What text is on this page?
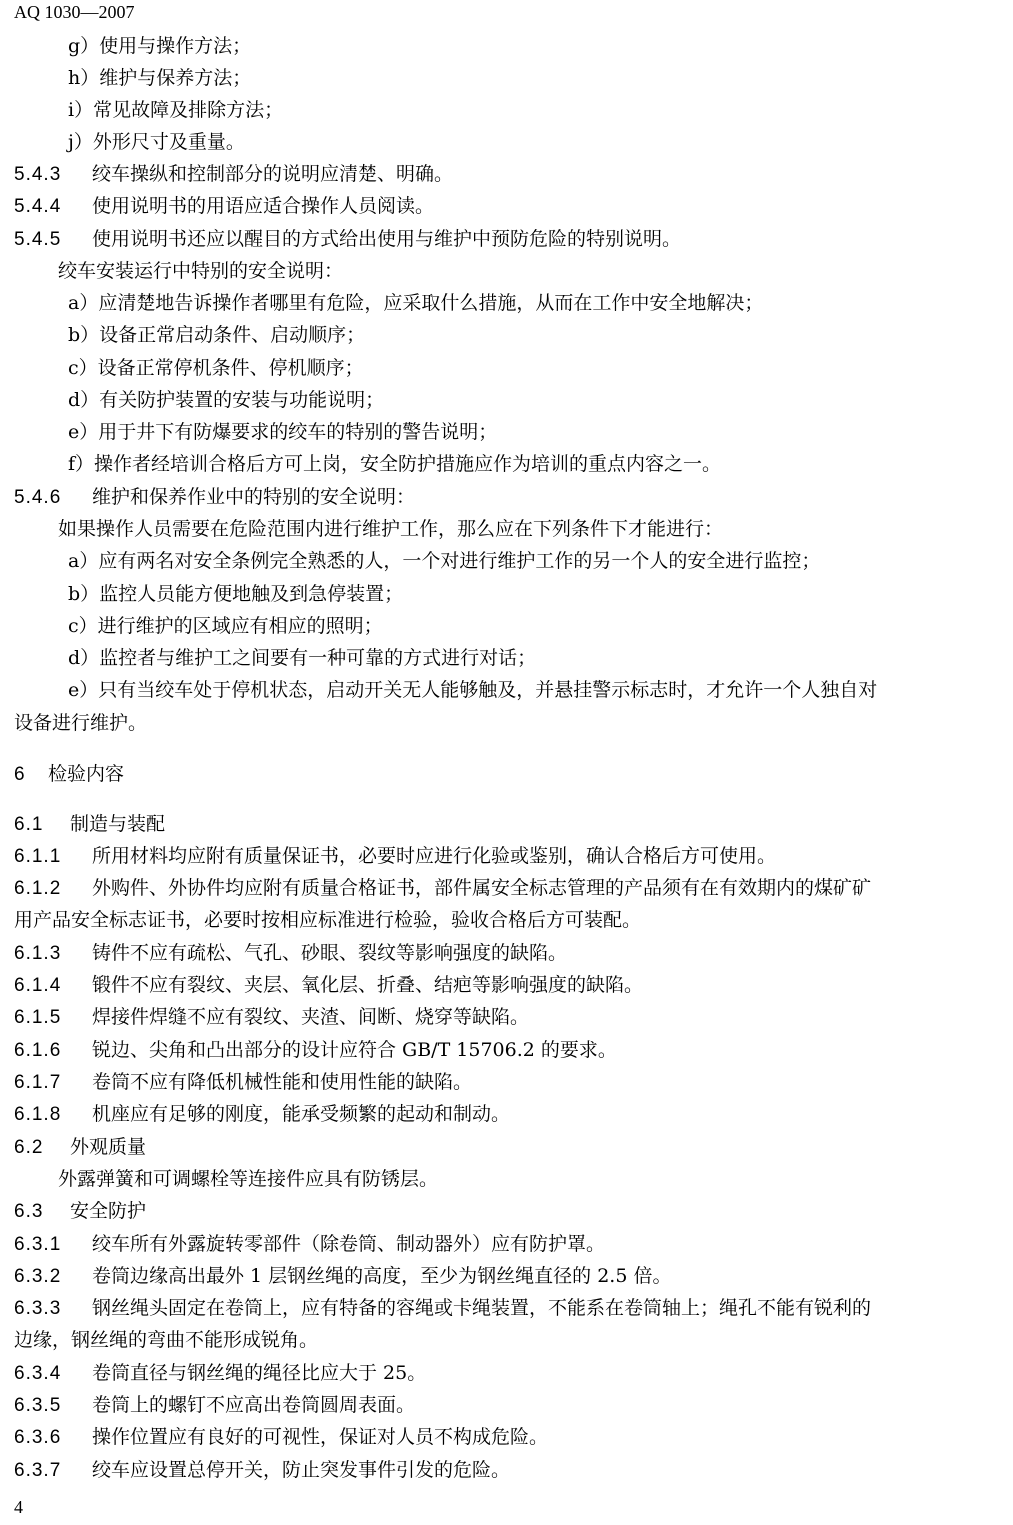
AQ 1030—2007
g）使用与操作方法；
h）维护与保养方法；
i）常见故障及排除方法；
j）外形尺寸及重量。
5.4.3 绞车操纵和控制部分的说明应清楚、明确。
5.4.4 使用说明书的用语应适合操作人员阅读。
5.4.5 使用说明书还应以醒目的方式给出使用与维护中预防危险的特别说明。
绞车安装运行中特别的安全说明：
a）应清楚地告诉操作者哪里有危险，应采取什么措施，从而在工作中安全地解决；
b）设备正常启动条件、启动顺序；
c）设备正常停机条件、停机顺序；
d）有关防护装置的安装与功能说明；
e）用于井下有防爆要求的绞车的特别的警告说明；
f）操作者经培训合格后方可上岗，安全防护措施应作为培训的重点内容之一。
5.4.6 维护和保养作业中的特别的安全说明：
如果操作人员需要在危险范围内进行维护工作，那么应在下列条件下才能进行：
a）应有两名对安全条例完全熟悉的人，一个对进行维护工作的另一个人的安全进行监控；
b）监控人员能方便地触及到急停装置；
c）进行维护的区域应有相应的照明；
d）监控者与维护工之间要有一种可靠的方式进行对话；
e）只有当绞车处于停机状态，启动开关无人能够触及，并悬挂警示标志时，才允许一个人独自对
设备进行维护。
6 检验内容
6.1 制造与装配
6.1.1 所用材料均应附有质量保证书，必要时应进行化验或鉴别，确认合格后方可使用。
6.1.2 外购件、外协件均应附有质量合格证书，部件属安全标志管理的产品须有在有效期内的煤矿矿
用产品安全标志证书，必要时按相应标准进行检验，验收合格后方可装配。
6.1.3 铸件不应有疏松、气孔、砂眼、裂纹等影响强度的缺陷。
6.1.4 锻件不应有裂纹、夹层、氧化层、折叠、结疤等影响强度的缺陷。
6.1.5 焊接件焊缝不应有裂纹、夹渣、间断、烧穿等缺陷。
6.1.6 锐边、尖角和凸出部分的设计应符合 GB/T 15706.2 的要求。
6.1.7 卷筒不应有降低机械性能和使用性能的缺陷。
6.1.8 机座应有足够的刚度，能承受频繁的起动和制动。
6.2 外观质量
外露弹簧和可调螺栓等连接件应具有防锈层。
6.3 安全防护
6.3.1 绞车所有外露旋转零部件（除卷筒、制动器外）应有防护罩。
6.3.2 卷筒边缘高出最外 1 层钢丝绳的高度，至少为钢丝绳直径的 2.5 倍。
6.3.3 钢丝绳头固定在卷筒上，应有特备的容绳或卡绳装置，不能系在卷筒轴上；绳孔不能有锐利的
边缘，钢丝绳的弯曲不能形成锐角。
6.3.4 卷筒直径与钢丝绳的绳径比应大于 25。
6.3.5 卷筒上的螺钉不应高出卷筒圆周表面。
6.3.6 操作位置应有良好的可视性，保证对人员不构成危险。
6.3.7 绞车应设置总停开关，防止突发事件引发的危险。
4
